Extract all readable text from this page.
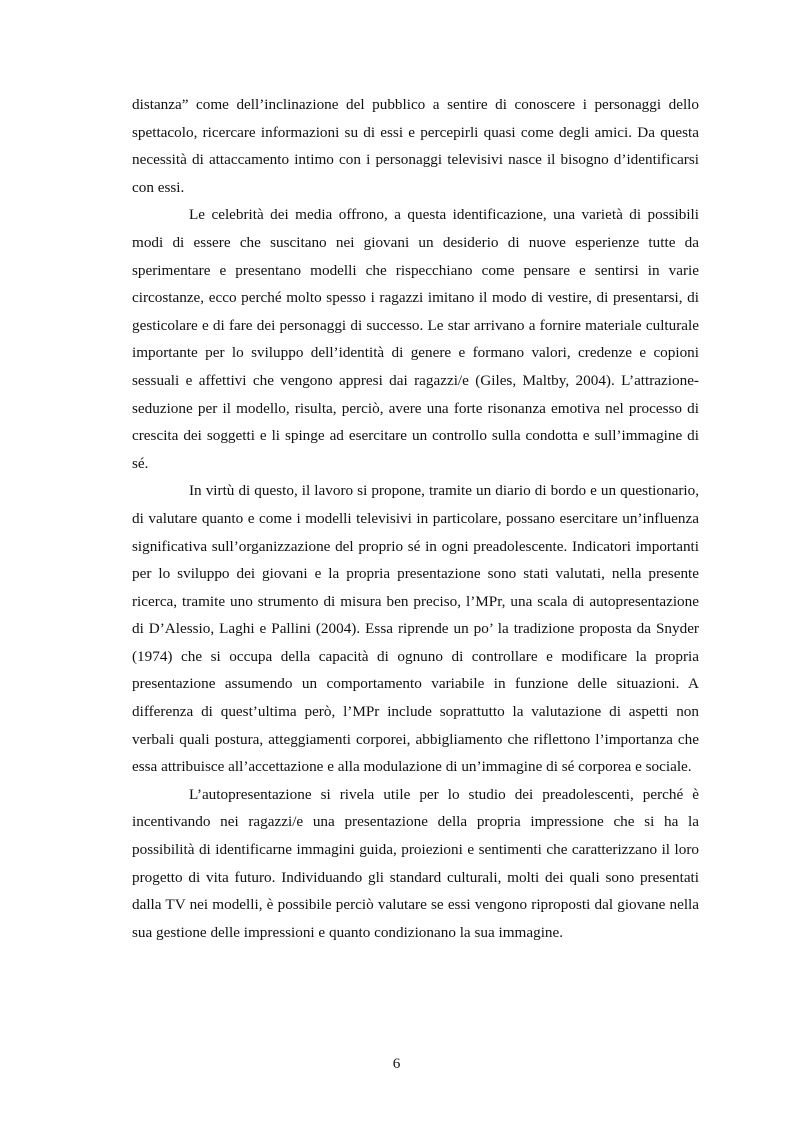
distanza” come dell’inclinazione del pubblico a sentire di conoscere i personaggi dello spettacolo, ricercare informazioni su di essi e percepirli quasi come degli amici. Da questa necessità di attaccamento intimo con i personaggi televisivi nasce il bisogno d’identificarsi con essi.

Le celebrità dei media offrono, a questa identificazione, una varietà di possibili modi di essere che suscitano nei giovani un desiderio di nuove esperienze tutte da sperimentare e presentano modelli che rispecchiano come pensare e sentirsi in varie circostanze, ecco perché molto spesso i ragazzi imitano il modo di vestire, di presentarsi, di gesticolare e di fare dei personaggi di successo. Le star arrivano a fornire materiale culturale importante per lo sviluppo dell’identità di genere e formano valori, credenze e copioni sessuali e affettivi che vengono appresi dai ragazzi/e (Giles, Maltby, 2004). L’attrazione-seduzione per il modello, risulta, perciò, avere una forte risonanza emotiva nel processo di crescita dei soggetti e li spinge ad esercitare un controllo sulla condotta e sull’immagine di sé.

In virtù di questo, il lavoro si propone, tramite un diario di bordo e un questionario, di valutare quanto e come i modelli televisivi in particolare, possano esercitare un’influenza significativa sull’organizzazione del proprio sé in ogni preadolescente. Indicatori importanti per lo sviluppo dei giovani e la propria presentazione sono stati valutati, nella presente ricerca, tramite uno strumento di misura ben preciso, l’MPr, una scala di autopresentazione di D’Alessio, Laghi e Pallini (2004). Essa riprende un po’ la tradizione proposta da Snyder (1974) che si occupa della capacità di ognuno di controllare e modificare la propria presentazione assumendo un comportamento variabile in funzione delle situazioni. A differenza di quest’ultima però, l’MPr include soprattutto la valutazione di aspetti non verbali quali postura, atteggiamenti corporei, abbigliamento che riflettono l’importanza che essa attribuisce all’accettazione e alla modulazione di un’immagine di sé corporea e sociale.

L’autopresentazione si rivela utile per lo studio dei preadolescenti, perché è incentivando nei ragazzi/e una presentazione della propria impressione che si ha la possibilità di identificarne immagini guida, proiezioni e sentimenti che caratterizzano il loro progetto di vita futuro. Individuando gli standard culturali, molti dei quali sono presentati dalla TV nei modelli, è possibile perciò valutare se essi vengono riproposti dal giovane nella sua gestione delle impressioni e quanto condizionano la sua immagine.

6
